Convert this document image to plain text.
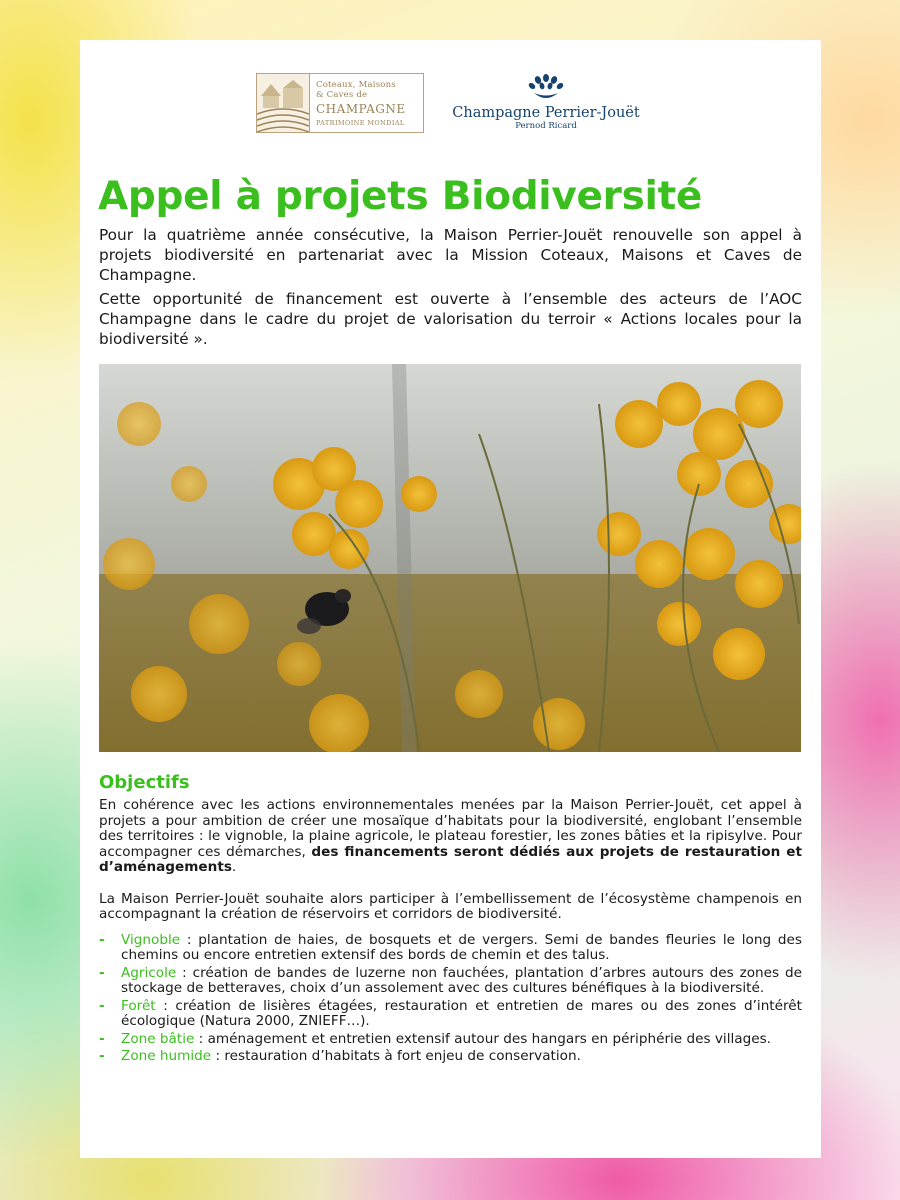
Coteaux, Maisons
& Caves de
CHAMPAGNE
PATRIMOINE MONDIAL
Champagne Perrier-Jouët
Pernod Ricard
Appel à projets Biodiversité

Pour la quatrième année consécutive, la Maison Perrier-Jouët renouvelle son appel à projets biodiversité en partenariat avec la Mission Coteaux, Maisons et Caves de Champagne.

Cette opportunité de financement est ouverte à l’ensemble des acteurs de l’AOC Champagne dans le cadre du projet de valorisation du terroir « Actions locales pour la biodiversité ».

Objectifs

En cohérence avec les actions environnementales menées par la Maison Perrier-Jouët, cet appel à projets a pour ambition de créer une mosaïque d’habitats pour la biodiversité, englobant l’ensemble des territoires : le vignoble, la plaine agricole, le plateau forestier, les zones bâties et la ripisylve. Pour accompagner ces démarches, des financements seront dédiés aux projets de restauration et d’aménagements.

La Maison Perrier-Jouët souhaite alors participer à l’embellissement de l’écosystème champenois en accompagnant la création de réservoirs et corridors de biodiversité.

- Vignoble : plantation de haies, de bosquets et de vergers. Semi de bandes fleuries le long des chemins ou encore entretien extensif des bords de chemin et des talus.
- Agricole : création de bandes de luzerne non fauchées, plantation d’arbres autours des zones de stockage de betteraves, choix d’un assolement avec des cultures bénéfiques à la biodiversité.
- Forêt : création de lisières étagées, restauration et entretien de mares ou des zones d’intérêt écologique (Natura 2000, ZNIEFF…).
- Zone bâtie : aménagement et entretien extensif autour des hangars en périphérie des villages.
- Zone humide : restauration d’habitats à fort enjeu de conservation.
